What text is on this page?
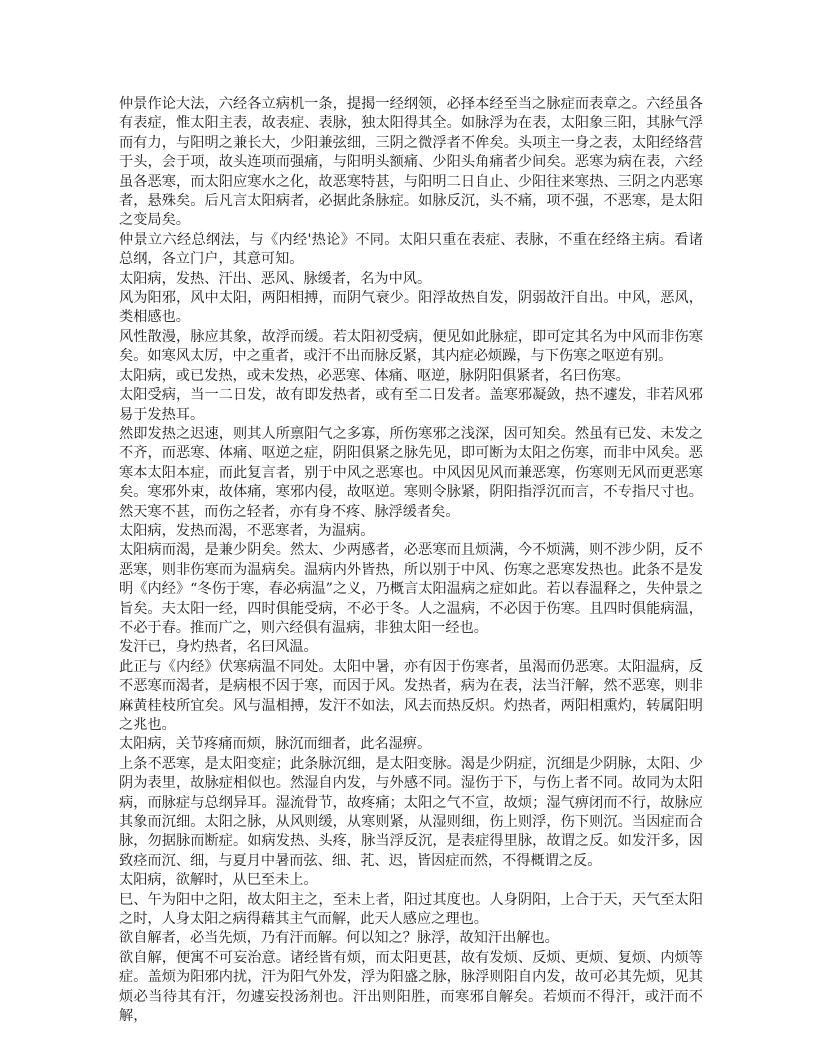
仲景作论大法，六经各立病机一条，提揭一经纲领，必择本经至当之脉症而表章之。六经虽各有表症，惟太阳主表，故表症、表脉，独太阳得其全。如脉浮为在表，太阳象三阳，其脉气浮而有力，与阳明之兼长大，少阳兼弦细，三阴之微浮者不侔矣。头项主一身之表，太阳经络营于头，会于项，故头连项而强痛，与阳明头额痛、少阳头角痛者少间矣。恶寒为病在表，六经虽各恶寒，而太阳应寒水之化，故恶寒特甚，与阳明二日自止、少阳往来寒热、三阴之内恶寒者，悬殊矣。后凡言太阳病者，必据此条脉症。如脉反沉，头不痛，项不强，不恶寒，是太阳之变局矣。

仲景立六经总纲法，与《内经'热论》不同。太阳只重在表症、表脉，不重在经络主病。看诸总纲，各立门户，其意可知。

太阳病，发热、汗出、恶风、脉缓者，名为中风。

风为阳邪，风中太阳，两阳相搏，而阴气衰少。阳浮故热自发，阴弱故汗自出。中风，恶风，类相感也。

风性散漫，脉应其象，故浮而缓。若太阳初受病，便见如此脉症，即可定其名为中风而非伤寒矣。如寒风太厉，中之重者，或汗不出而脉反紧，其内症必烦躁，与下伤寒之呕逆有别。

太阳病，或已发热，或未发热，必恶寒、体痛、呕逆，脉阴阳俱紧者，名曰伤寒。

太阳受病，当一二日发，故有即发热者，或有至二日发者。盖寒邪凝敛，热不遽发，非若风邪易于发热耳。

然即发热之迟速，则其人所禀阳气之多寡，所伤寒邪之浅深，因可知矣。然虽有已发、未发之不齐，而恶寒、体痛、呕逆之症，阴阳俱紧之脉先见，即可断为太阳之伤寒，而非中风矣。恶寒本太阳本症，而此复言者，别于中风之恶寒也。中风因见风而兼恶寒，伤寒则无风而更恶寒矣。寒邪外束，故体痛，寒邪内侵，故呕逆。寒则令脉紧，阴阳指浮沉而言，不专指尺寸也。然天寒不甚，而伤之轻者，亦有身不疼、脉浮缓者矣。

太阳病，发热而渴，不恶寒者，为温病。

太阳病而渴，是兼少阴矣。然太、少两感者，必恶寒而且烦满，今不烦满，则不涉少阴，反不恶寒，则非伤寒而为温病矣。温病内外皆热，所以别于中风、伤寒之恶寒发热也。此条不是发明《内经》“冬伤于寒，春必病温”之义，乃概言太阳温病之症如此。若以春温释之，失仲景之旨矣。夫太阳一经，四时俱能受病，不必于冬。人之温病，不必因于伤寒。且四时俱能病温，不必于春。推而广之，则六经俱有温病，非独太阳一经也。

发汗已，身灼热者，名曰风温。

此正与《内经》伏寒病温不同处。太阳中暑，亦有因于伤寒者，虽渴而仍恶寒。太阳温病，反不恶寒而渴者，是病根不因于寒，而因于风。发热者，病为在表，法当汗解，然不恶寒，则非麻黄桂枝所宜矣。风与温相搏，发汗不如法，风去而热反炽。灼热者，两阳相熏灼，转属阳明之兆也。

太阳病，关节疼痛而烦，脉沉而细者，此名湿痹。

上条不恶寒，是太阳变症；此条脉沉细，是太阳变脉。渴是少阴症，沉细是少阴脉，太阳、少阴为表里，故脉症相似也。然湿自内发，与外感不同。湿伤于下，与伤上者不同。故同为太阳病，而脉症与总纲异耳。湿流骨节，故疼痛；太阳之气不宣，故烦；湿气痹闭而不行，故脉应其象而沉细。太阳之脉，从风则缓，从寒则紧，从湿则细，伤上则浮，伤下则沉。当因症而合脉，勿据脉而断症。如病发热、头疼，脉当浮反沉，是表症得里脉，故谓之反。如发汗多，因致痉而沉、细，与夏月中暑而弦、细、芤、迟，皆因症而然，不得概谓之反。

太阳病，欲解时，从巳至未上。

巳、午为阳中之阳，故太阳主之，至未上者，阳过其度也。人身阴阳，上合于天，天气至太阳之时，人身太阳之病得藉其主气而解，此天人感应之理也。

欲自解者，必当先烦，乃有汗而解。何以知之？脉浮，故知汗出解也。

欲自解，便寓不可妄治意。诸经皆有烦，而太阳更甚，故有发烦、反烦、更烦、复烦、内烦等症。盖烦为阳邪内扰，汗为阳气外发，浮为阳盛之脉，脉浮则阳自内发，故可必其先烦，见其烦必当待其有汗，勿遽妄投汤剂也。汗出则阳胜，而寒邪自解矣。若烦而不得汗，或汗而不解，
